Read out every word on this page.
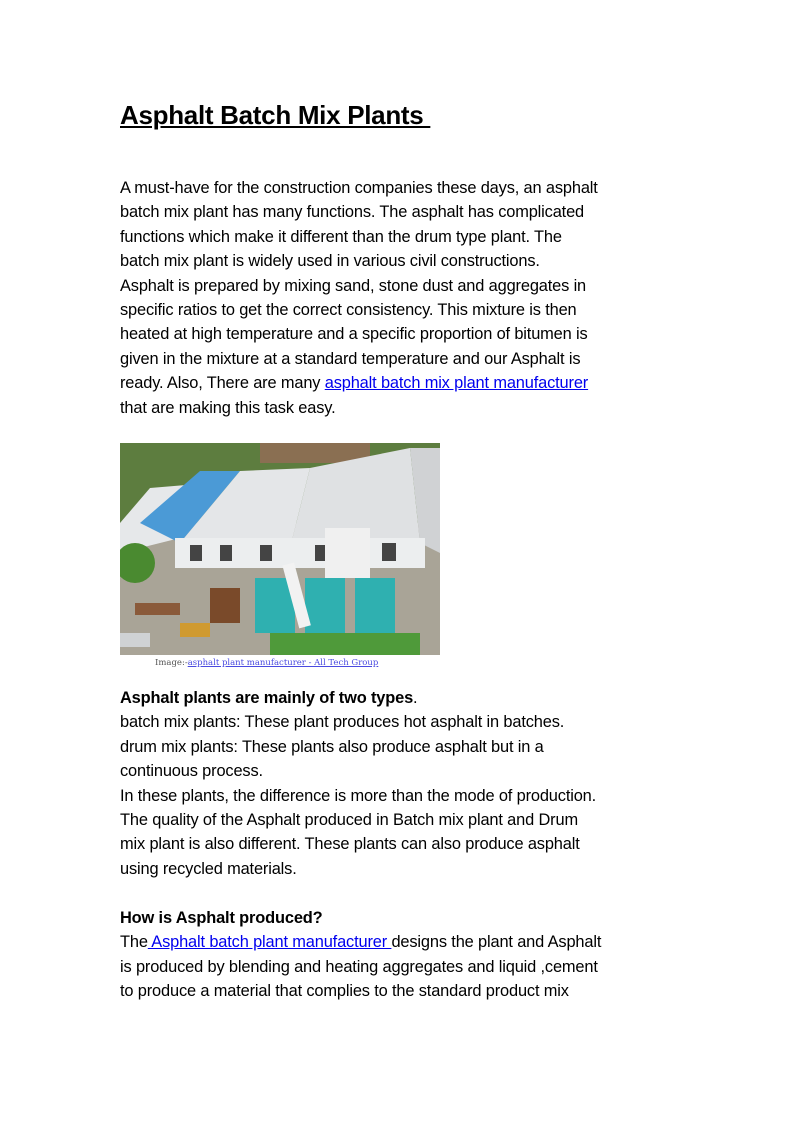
Asphalt Batch Mix Plants
A must-have for the construction companies these days, an asphalt
batch mix plant has many functions. The asphalt has complicated
functions which make it different than the drum type plant. The
batch mix plant is widely used in various civil constructions.
Asphalt is prepared by mixing sand, stone dust and aggregates in
specific ratios to get the correct consistency. This mixture is then
heated at high temperature and a specific proportion of bitumen is
given in the mixture at a standard temperature and our Asphalt is
ready. Also, There are many asphalt batch mix plant manufacturer
that are making this task easy.
Image:-asphalt plant manufacturer - All Tech Group
Asphalt plants are mainly of two types.
batch mix plants: These plant produces hot asphalt in batches.
drum mix plants: These plants also produce asphalt but in a
continuous process.
In these plants, the difference is more than the mode of production.
The quality of the Asphalt produced in Batch mix plant and Drum
mix plant is also different. These plants can also produce asphalt
using recycled materials.
How is Asphalt produced?
The Asphalt batch plant manufacturer designs the plant and Asphalt
is produced by blending and heating aggregates and liquid ,cement
to produce a material that complies to the standard product mix
